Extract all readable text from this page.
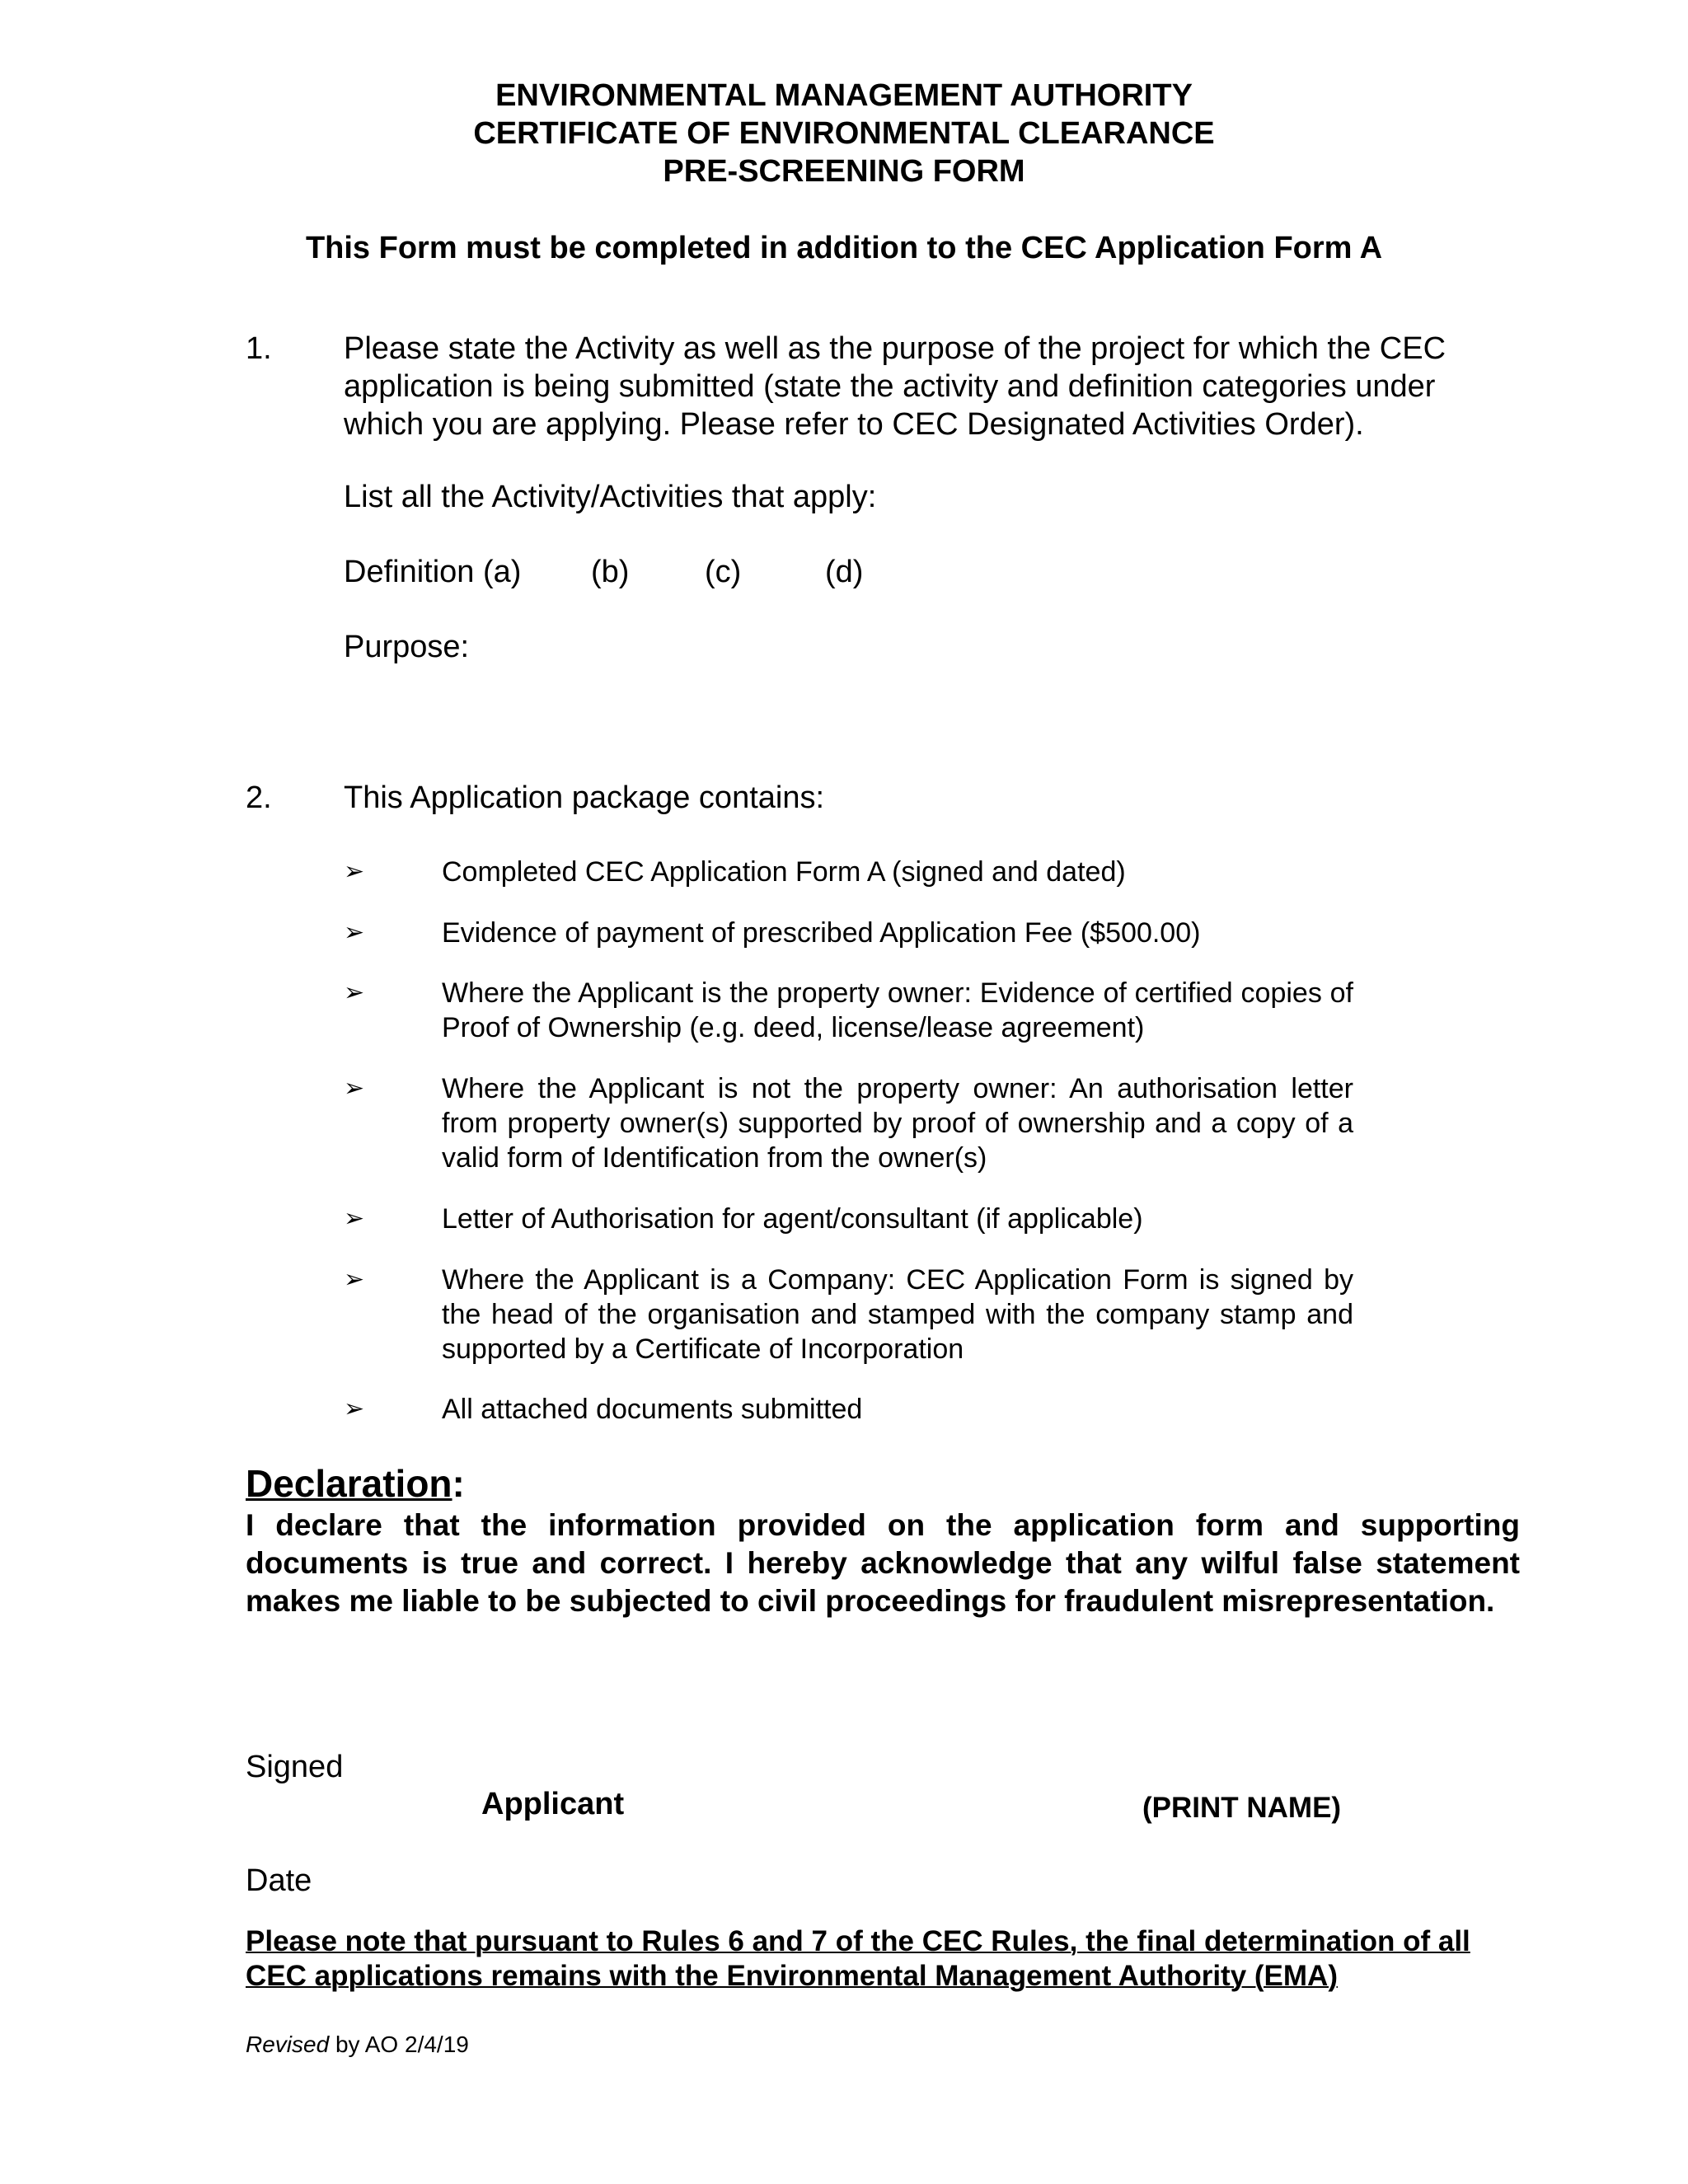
ENVIRONMENTAL MANAGEMENT AUTHORITY
CERTIFICATE OF ENVIRONMENTAL CLEARANCE
PRE-SCREENING FORM
This Form must be completed in addition to the CEC Application Form A
1. Please state the Activity as well as the purpose of the project for which the CEC
application is being submitted (state the activity and definition categories under
which you are applying. Please refer to CEC Designated Activities Order).
List all the Activity/Activities that apply:
Definition (a) (b) (c)	(d)
Purpose:
2. This Application package contains:
➢	Completed CEC Application Form A (signed and dated)
➢	Evidence of payment of prescribed Application Fee ($500.00)
➢	Where the Applicant is the property owner: Evidence of certified copies of Proof of Ownership (e.g. deed, license/lease agreement)
➢	Where the Applicant is not the property owner: An authorisation letter from property owner(s) supported by proof of ownership and a copy of a valid form of Identification from the owner(s)
➢	Letter of Authorisation for agent/consultant (if applicable)
➢	Where the Applicant is a Company: CEC Application Form is signed by the head of the organisation and stamped with the company stamp and supported by a Certificate of Incorporation
➢	All attached documents submitted
Declaration:
I declare that the information provided on the application form and supporting documents is true and correct. I hereby acknowledge that any wilful false statement makes me liable to be subjected to civil proceedings for fraudulent misrepresentation.
Signed
Applicant	(PRINT NAME)
Date
Please note that pursuant to Rules 6 and 7 of the CEC Rules, the final determination of all
CEC applications remains with the Environmental Management Authority (EMA)
Revised by AO 2/4/19
